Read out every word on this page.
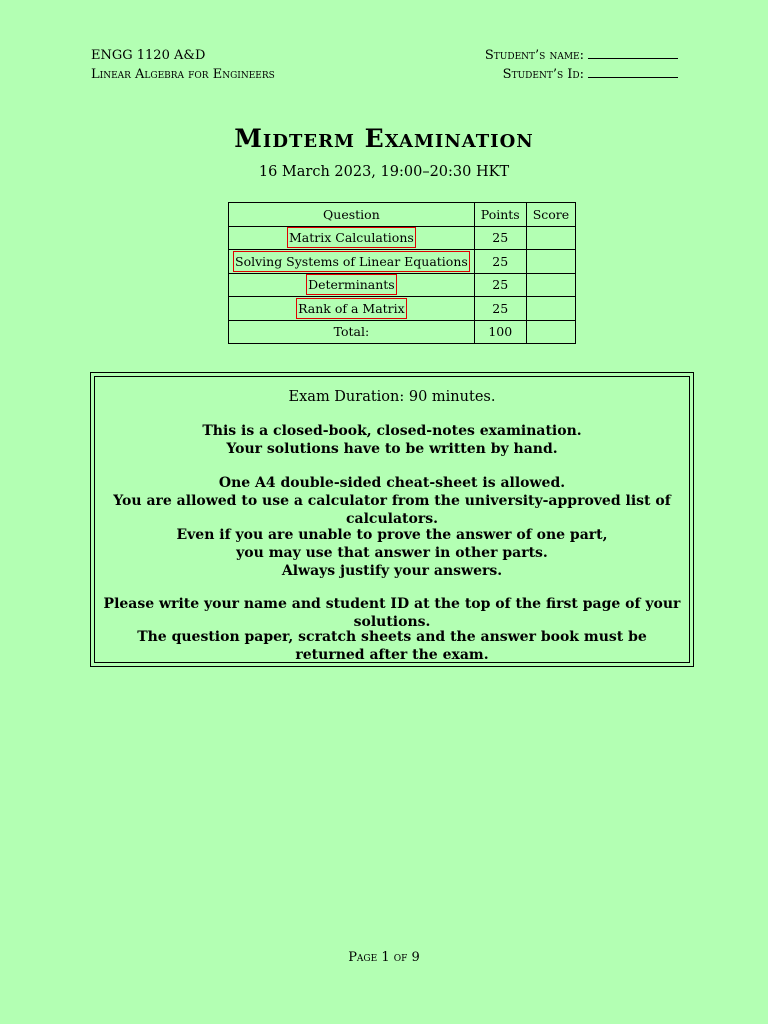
ENGG 1120 A&D
Linear Algebra for Engineers
Student’s name:
Student’s Id:
Midterm Examination
16 March 2023, 19:00–20:30 HKT
Question	Points	Score
Matrix Calculations	25	
Solving Systems of Linear Equations	25	
Determinants	25	
Rank of a Matrix	25	
Total:	100	
Exam Duration: 90 minutes.

This is a closed-book, closed-notes examination.

Your solutions have to be written by hand.

One A4 double-sided cheat-sheet is allowed.

You are allowed to use a calculator from the university-approved list of calculators.

Even if you are unable to prove the answer of one part,

you may use that answer in other parts.

Always justify your answers.

Please write your name and student ID at the top of the first page of your solutions.

The question paper, scratch sheets and the answer book must be returned after the exam.

Page 1 of 9
